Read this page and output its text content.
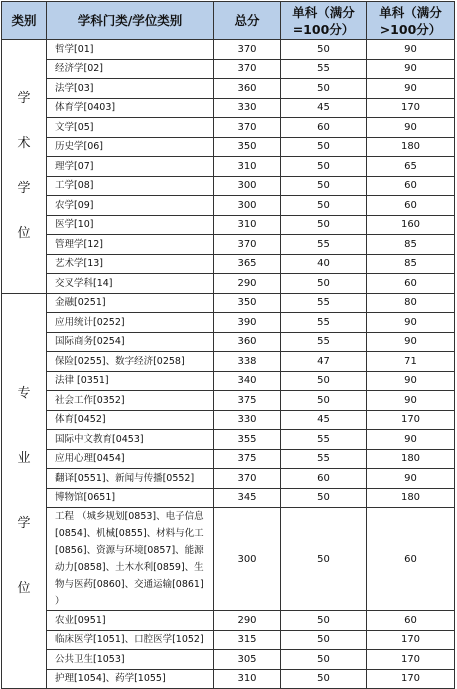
类别	学科门类/学位类别	总分	单科（满分=100分）	单科（满分>100分）

学
术
学
位	哲学[01]	370	50	90
	经济学[02]	370	55	90
	法学[03]	360	50	90
	体育学[0403]	330	45	170
	文学[05]	370	60	90
	历史学[06]	350	50	180
	理学[07]	310	50	65
	工学[08]	300	50	60
	农学[09]	300	50	60
	医学[10]	310	50	160
	管理学[12]	370	55	85
	艺术学[13]	365	40	85
	交叉学科[14]	290	50	60

专
业
学
位	金融[0251]	350	55	80
	应用统计[0252]	390	55	90
	国际商务[0254]	360	55	90
	保险[0255]、数字经济[0258]	338	47	71
	法律 [0351]	340	50	90
	社会工作[0352]	375	50	90
	体育[0452]	330	45	170
	国际中文教育[0453]	355	55	90
	应用心理[0454]	375	55	180
	翻译[0551]、新闻与传播[0552]	370	60	90
	博物馆[0651]	345	50	180
	工程 （城乡规划[0853]、电子信息[0854]、机械[0855]、材料与化工[0856]、资源与环境[0857]、能源动力[0858]、土木水利[0859]、生物与医药[0860]、交通运输[0861] ）	300	50	60
	农业[0951]	290	50	60
	临床医学[1051]、口腔医学[1052]	315	50	170
	公共卫生[1053]	305	50	170
	护理[1054]、药学[1055]	310	50	170
